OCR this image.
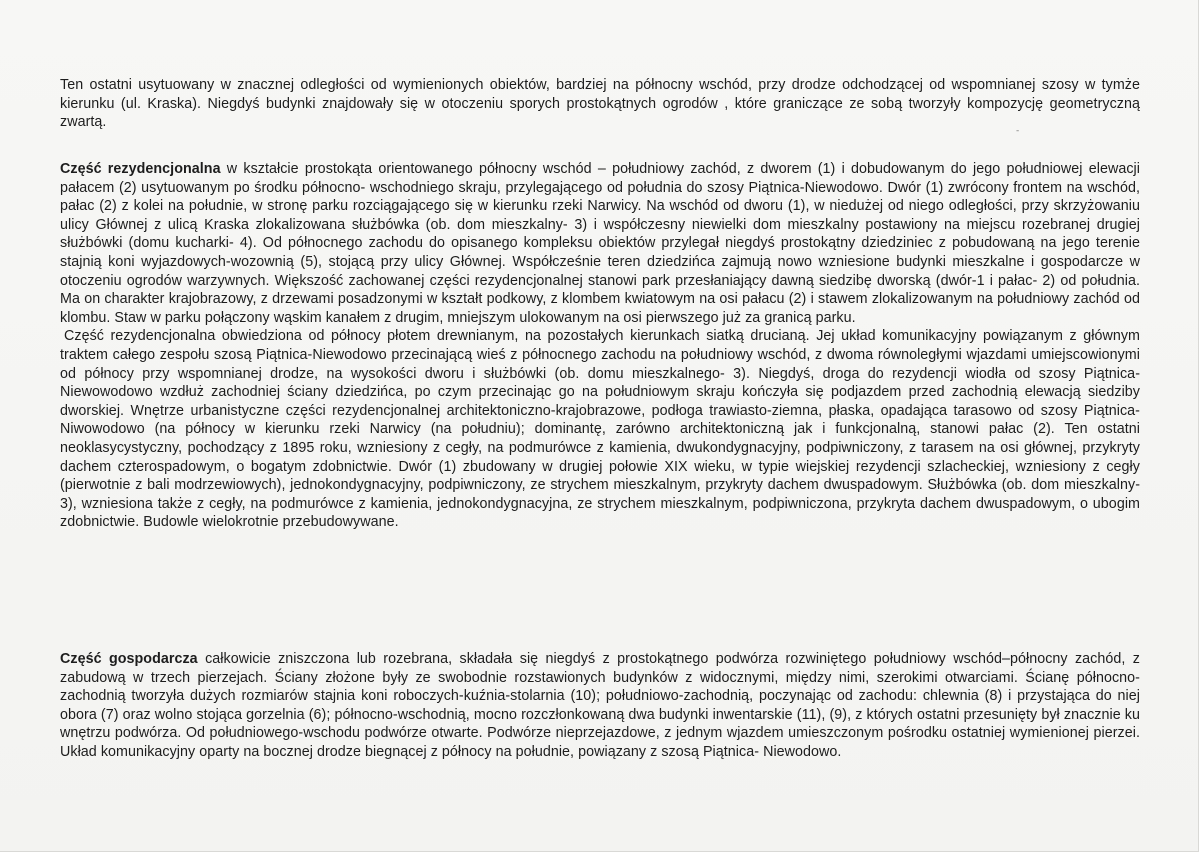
Ten ostatni usytuowany w znacznej odległości od wymienionych obiektów, bardziej na północny wschód, przy drodze odchodzącej od wspomnianej szosy w tymże kierunku (ul. Kraska). Niegdyś budynki znajdowały się w otoczeniu sporych prostokątnych ogrodów , które graniczące ze sobą tworzyły kompozycję geometryczną zwartą.

-

Część rezydencjonalna w kształcie prostokąta orientowanego północny wschód – południowy zachód, z dworem (1) i dobudowanym do jego południowej elewacji pałacem (2) usytuowanym po środku północno- wschodniego skraju, przylegającego od południa do szosy Piątnica-Niewodowo. Dwór (1) zwrócony frontem na wschód, pałac (2) z kolei na południe, w stronę parku rozciągającego się w kierunku rzeki Narwicy. Na wschód od dworu (1), w niedużej od niego odległości, przy skrzyżowaniu ulicy Głównej z ulicą Kraska zlokalizowana służbówka (ob. dom mieszkalny- 3) i współczesny niewielki dom mieszkalny postawiony na miejscu rozebranej drugiej służbówki (domu kucharki- 4). Od północnego zachodu do opisanego kompleksu obiektów przylegał niegdyś prostokątny dziedziniec z pobudowaną na jego terenie stajnią koni wyjazdowych-wozownią (5), stojącą przy ulicy Głównej. Współcześnie teren dziedzińca zajmują nowo wzniesione budynki mieszkalne i gospodarcze w otoczeniu ogrodów warzywnych. Większość zachowanej części rezydencjonalnej stanowi park przesłaniający dawną siedzibę dworską (dwór-1 i pałac- 2) od południa. Ma on charakter krajobrazowy, z drzewami posadzonymi w kształt podkowy, z klombem kwiatowym na osi pałacu (2) i stawem zlokalizowanym na południowy zachód od klombu. Staw w parku połączony wąskim kanałem z drugim, mniejszym ulokowanym na osi pierwszego już za granicą parku.

Część rezydencjonalna obwiedziona od północy płotem drewnianym, na pozostałych kierunkach siatką drucianą. Jej układ komunikacyjny powiązanym z głównym traktem całego zespołu szosą Piątnica-Niewodowo przecinającą wieś z północnego zachodu na południowy wschód, z dwoma równoległymi wjazdami umiejscowionymi od północy przy wspomnianej drodze, na wysokości dworu i służbówki (ob. domu mieszkalnego- 3). Niegdyś, droga do rezydencji wiodła od szosy Piątnica-Niewowodowo wzdłuż zachodniej ściany dziedzińca, po czym przecinając go na południowym skraju kończyła się podjazdem przed zachodnią elewacją siedziby dworskiej. Wnętrze urbanistyczne części rezydencjonalnej architektoniczno-krajobrazowe, podłoga trawiasto-ziemna, płaska, opadająca tarasowo od szosy Piątnica-Niwowodowo (na północy w kierunku rzeki Narwicy (na południu); dominantę, zarówno architektoniczną jak i funkcjonalną, stanowi pałac (2). Ten ostatni neoklasycystyczny, pochodzący z 1895 roku, wzniesiony z cegły, na podmurówce z kamienia, dwukondygnacyjny, podpiwniczony, z tarasem na osi głównej, przykryty dachem czterospadowym, o bogatym zdobnictwie. Dwór (1) zbudowany w drugiej połowie XIX wieku, w typie wiejskiej rezydencji szlacheckiej, wzniesiony z cegły (pierwotnie z bali modrzewiowych), jednokondygnacyjny, podpiwniczony, ze strychem mieszkalnym, przykryty dachem dwuspadowym. Służbówka (ob. dom mieszkalny- 3), wzniesiona także z cegły, na podmurówce z kamienia, jednokondygnacyjna, ze strychem mieszkalnym, podpiwniczona, przykryta dachem dwuspadowym, o ubogim zdobnictwie. Budowle wielokrotnie przebudowywane.

Część gospodarcza całkowicie zniszczona lub rozebrana, składała się niegdyś z prostokątnego podwórza rozwiniętego południowy wschód–północny zachód, z zabudową w trzech pierzejach. Ściany złożone były ze swobodnie rozstawionych budynków z widocznymi, między nimi, szerokimi otwarciami. Ścianę północno-zachodnią tworzyła dużych rozmiarów stajnia koni roboczych-kuźnia-stolarnia (10); południowo-zachodnią, poczynając od zachodu: chlewnia (8) i przystająca do niej obora (7) oraz wolno stojąca gorzelnia (6); północno-wschodnią, mocno rozczłonkowaną dwa budynki inwentarskie (11), (9), z których ostatni przesunięty był znacznie ku wnętrzu podwórza. Od południowego-wschodu podwórze otwarte. Podwórze nieprzejazdowe, z jednym wjazdem umieszczonym pośrodku ostatniej wymienionej pierzei. Układ komunikacyjny oparty na bocznej drodze biegnącej z północy na południe, powiązany z szosą Piątnica- Niewodowo.
